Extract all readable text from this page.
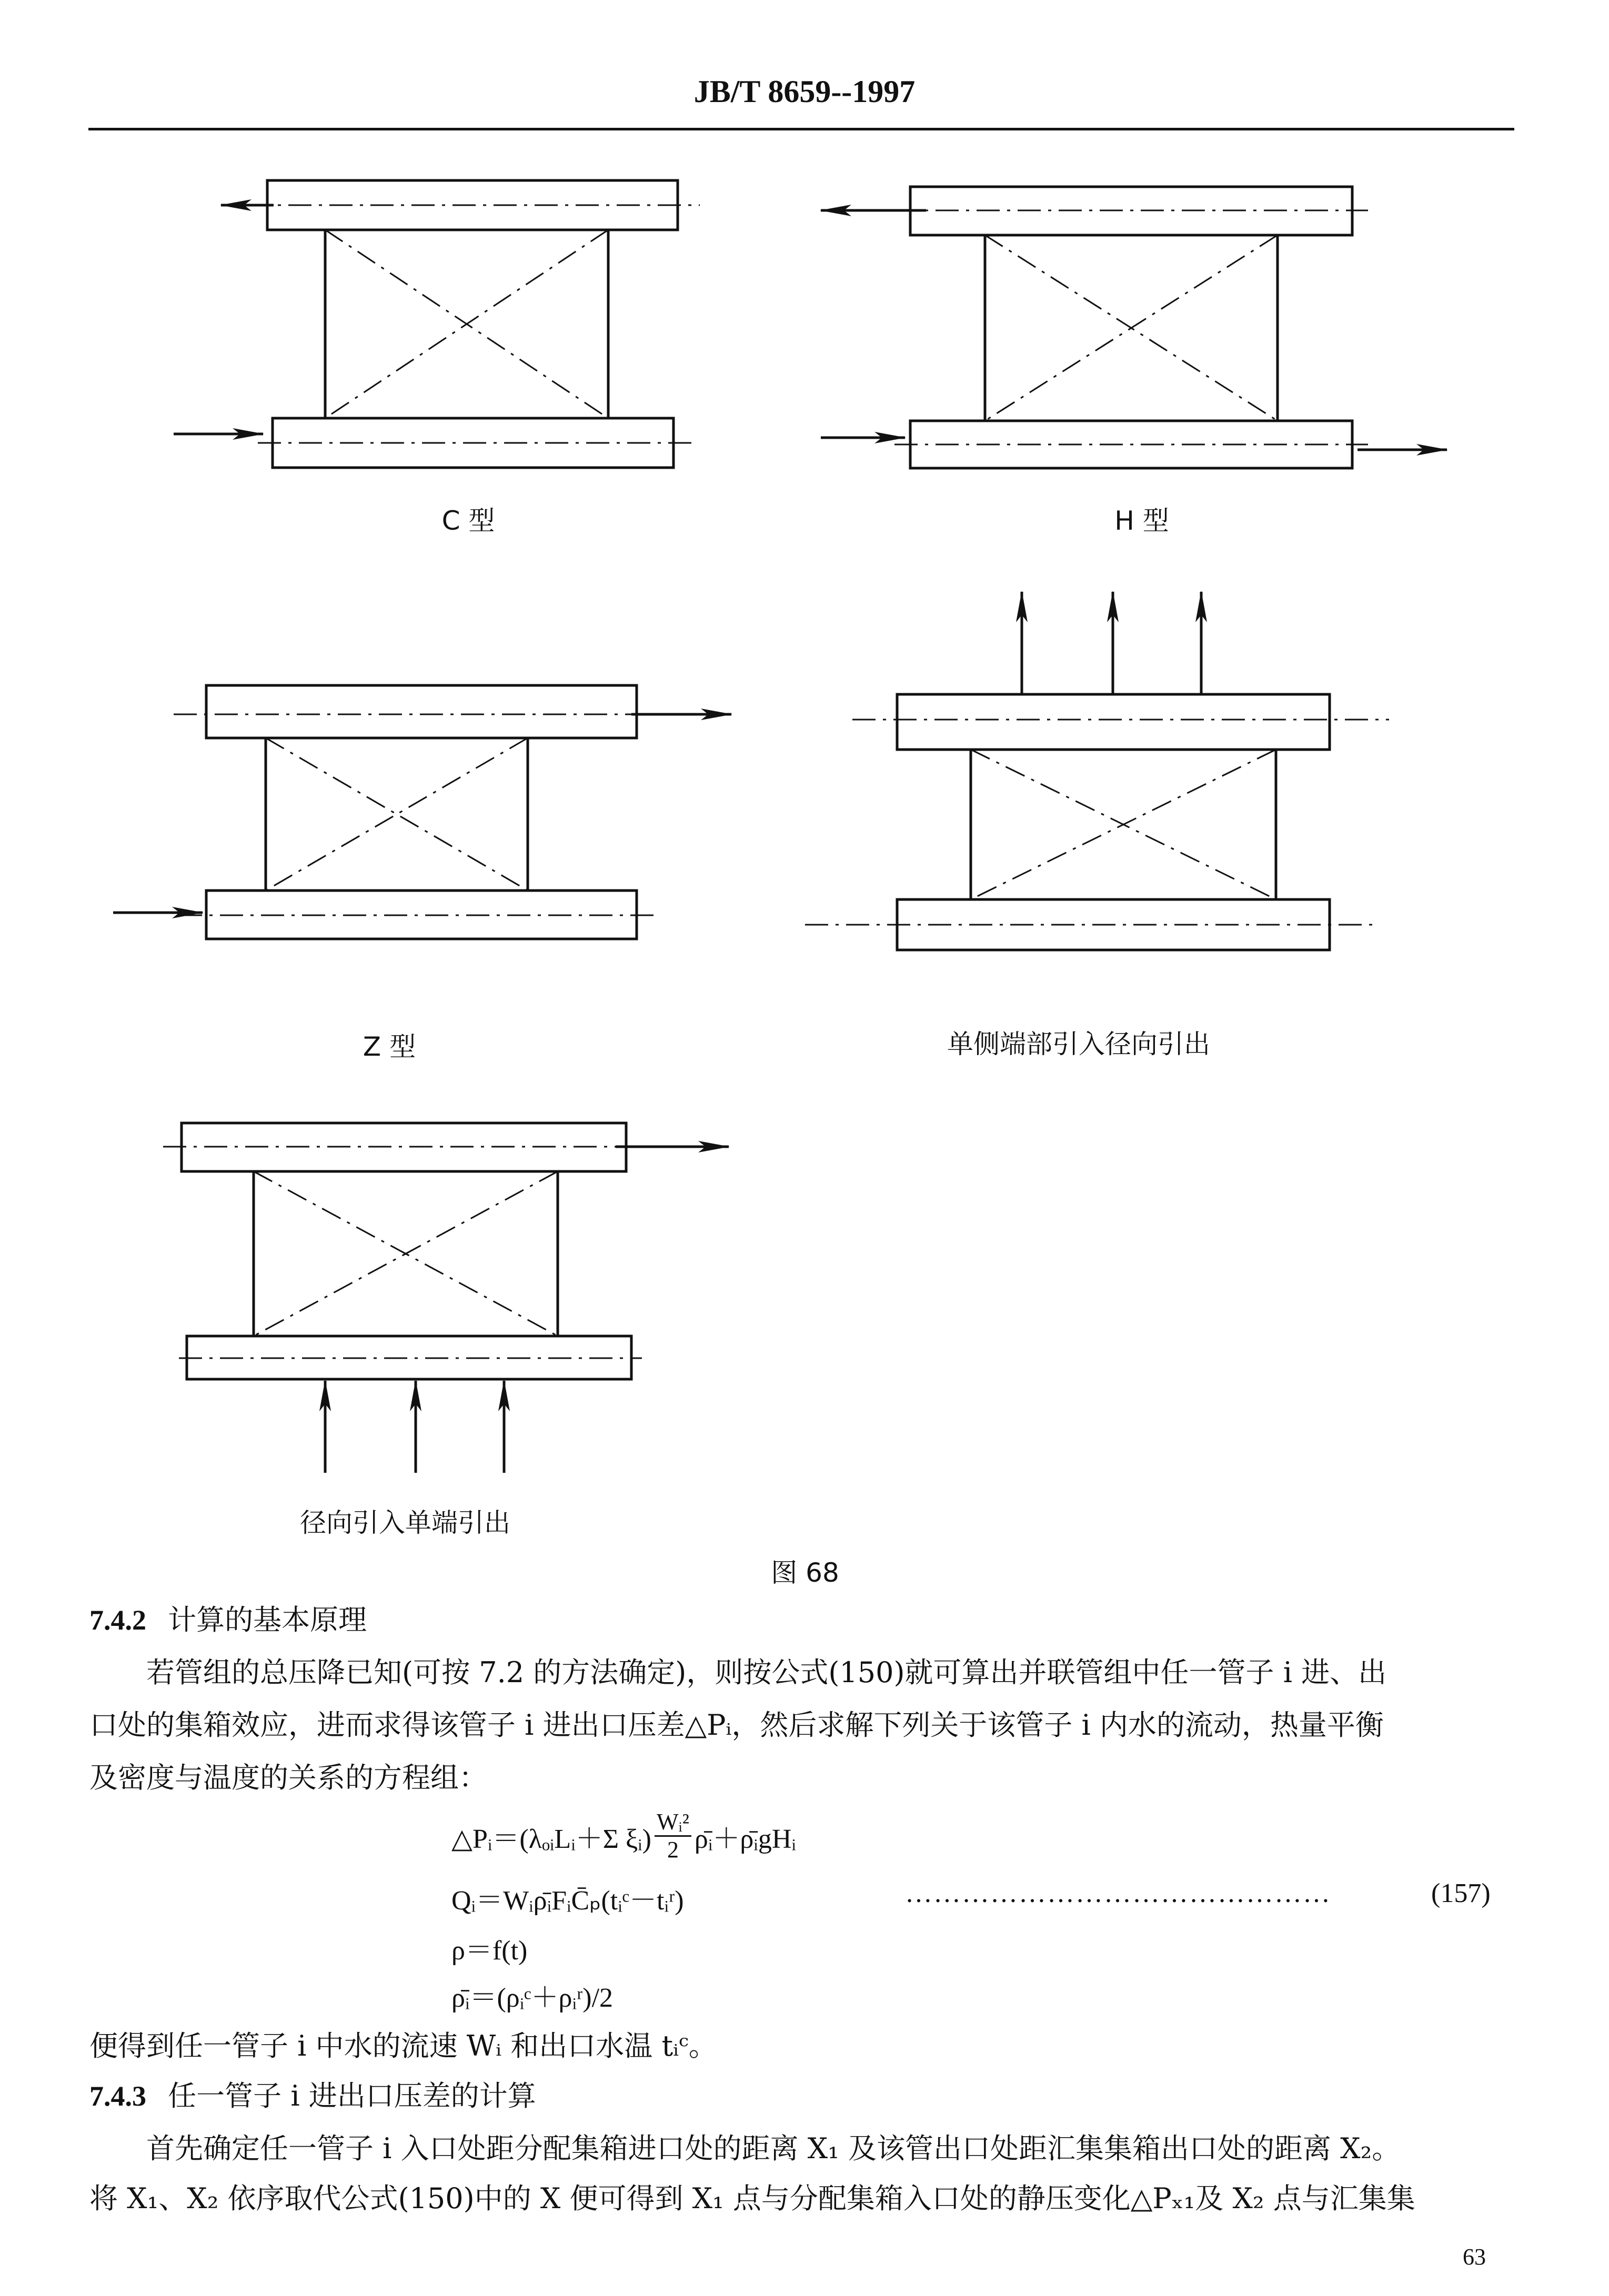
JB/T 8659--1997
C 型	H 型
Z 型	单侧端部引入径向引出
径向引入单端引出
图 68
7.4.2 计算的基本原理
若管组的总压降已知(可按 7.2 的方法确定)，则按公式(150)就可算出并联管组中任一管子 i 进、出
口处的集箱效应，进而求得该管子 i 进出口压差△Pᵢ，然后求解下列关于该管子 i 内水的流动，热量平衡
及密度与温度的关系的方程组：
△Pᵢ＝(λₒᵢLᵢ＋Σ ξᵢ) $\frac{\text{Wᵢ²}}{2}$ ρ̄ᵢ＋ρ̄ᵢgHᵢ
Qᵢ＝Wᵢρ̄ᵢFᵢC̄ₚ(tᵢᶜ－tᵢʳ)	………………………………………	(157)
ρ＝f(t)
ρ̄ᵢ＝(ρᵢᶜ＋ρᵢʳ)/2
便得到任一管子 i 中水的流速 Wᵢ 和出口水温 tᵢᶜ。
7.4.3 任一管子 i 进出口压差的计算
首先确定任一管子 i 入口处距分配集箱进口处的距离 X₁ 及该管出口处距汇集集箱出口处的距离 X₂。
将 X₁、X₂ 依序取代公式(150)中的 X 便可得到 X₁ 点与分配集箱入口处的静压变化△Pₓ₁及 X₂ 点与汇集集
63
